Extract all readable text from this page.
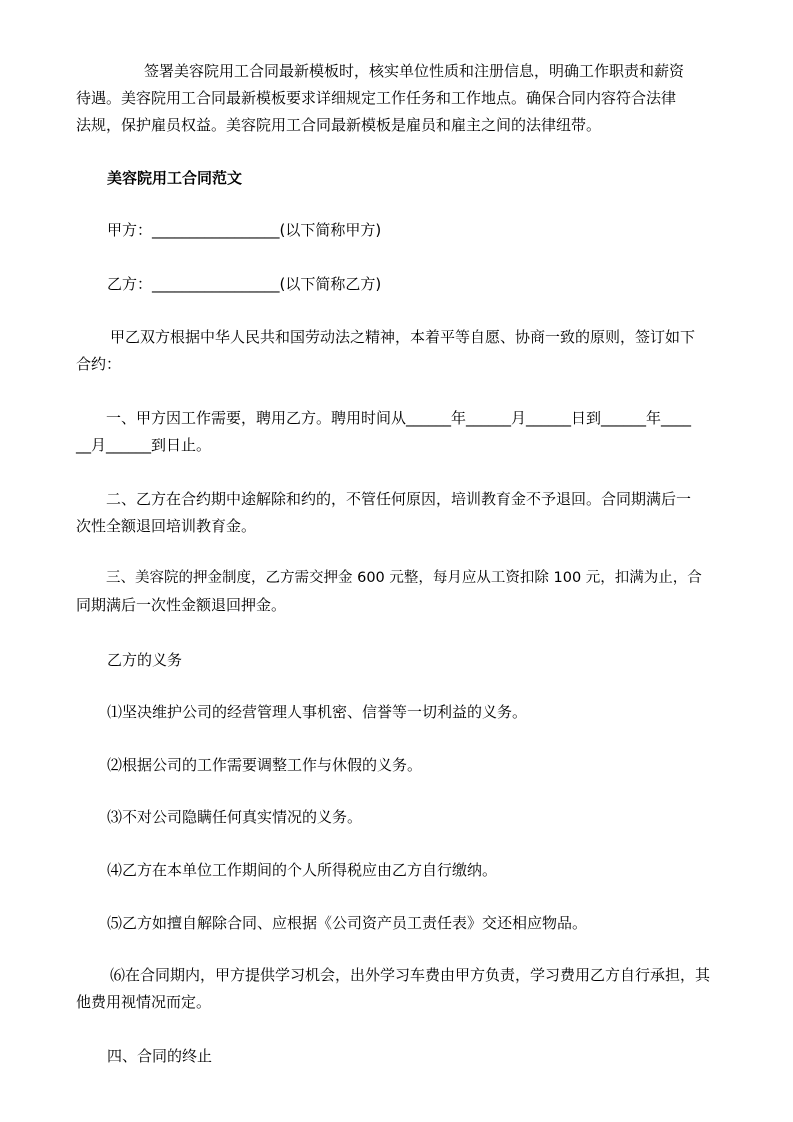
签署美容院用工合同最新模板时，核实单位性质和注册信息，明确工作职责和薪资
待遇。美容院用工合同最新模板要求详细规定工作任务和工作地点。确保合同内容符合法律
法规，保护雇员权益。美容院用工合同最新模板是雇员和雇主之间的法律纽带。
美容院用工合同范文
甲方：_________________(以下简称甲方)
乙方：_________________(以下简称乙方)
甲乙双方根据中华人民共和国劳动法之精神，本着平等自愿、协商一致的原则，签订如下
合约：
一、甲方因工作需要，聘用乙方。聘用时间从______年______月______日到______年____
__月______到日止。
二、乙方在合约期中途解除和约的，不管任何原因，培训教育金不予退回。合同期满后一
次性全额退回培训教育金。
三、美容院的押金制度，乙方需交押金 600 元整，每月应从工资扣除 100 元，扣满为止，合
同期满后一次性金额退回押金。
乙方的义务
⑴坚决维护公司的经营管理人事机密、信誉等一切利益的义务。
⑵根据公司的工作需要调整工作与休假的义务。
⑶不对公司隐瞒任何真实情况的义务。
⑷乙方在本单位工作期间的个人所得税应由乙方自行缴纳。
⑸乙方如擅自解除合同、应根据《公司资产员工责任表》交还相应物品。
⑹在合同期内，甲方提供学习机会，出外学习车费由甲方负责，学习费用乙方自行承担，其
他费用视情况而定。
四、合同的终止
